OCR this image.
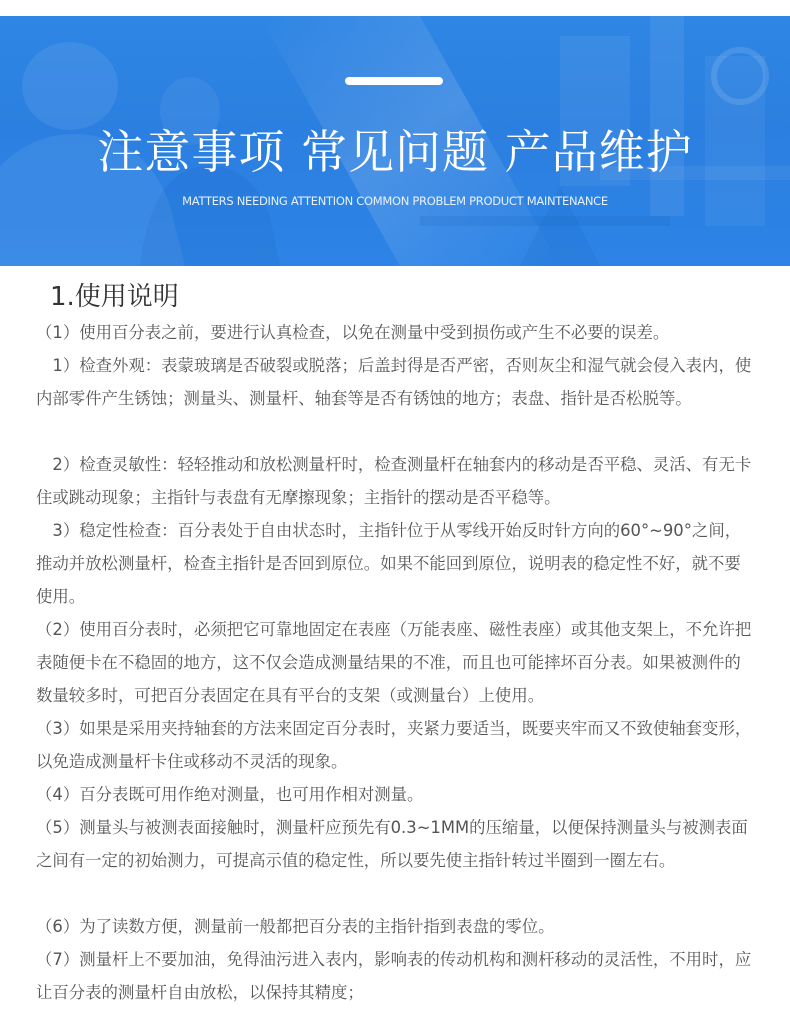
注意事项 常见问题 产品维护
MATTERS NEEDING ATTENTION COMMON PROBLEM PRODUCT MAINTENANCE
1.使用说明

（1）使用百分表之前，要进行认真检查，以免在测量中受到损伤或产生不必要的误差。

　1）检查外观：表蒙玻璃是否破裂或脱落；后盖封得是否严密，否则灰尘和湿气就会侵入表内，使内部零件产生锈蚀；测量头、测量杆、轴套等是否有锈蚀的地方；表盘、指针是否松脱等。

　2）检查灵敏性：轻轻推动和放松测量杆时，检查测量杆在轴套内的移动是否平稳、灵活、有无卡住或跳动现象；主指针与表盘有无摩擦现象；主指针的摆动是否平稳等。

　3）稳定性检查：百分表处于自由状态时，主指针位于从零线开始反时针方向的60°~90°之间，推动并放松测量杆，检查主指针是否回到原位。如果不能回到原位，说明表的稳定性不好，就不要使用。

（2）使用百分表时，必须把它可靠地固定在表座（万能表座、磁性表座）或其他支架上，不允许把表随便卡在不稳固的地方，这不仅会造成测量结果的不准，而且也可能摔坏百分表。如果被测件的数量较多时，可把百分表固定在具有平台的支架（或测量台）上使用。

（3）如果是采用夹持轴套的方法来固定百分表时，夹紧力要适当，既要夹牢而又不致使轴套变形，以免造成测量杆卡住或移动不灵活的现象。

（4）百分表既可用作绝对测量，也可用作相对测量。

（5）测量头与被测表面接触时，测量杆应预先有0.3~1MM的压缩量，以便保持测量头与被测表面之间有一定的初始测力，可提高示值的稳定性，所以要先使主指针转过半圈到一圈左右。

（6）为了读数方便，测量前一般都把百分表的主指针指到表盘的零位。

（7）测量杆上不要加油，免得油污进入表内，影响表的传动机构和测杆移动的灵活性，不用时，应让百分表的测量杆自由放松，以保持其精度；
